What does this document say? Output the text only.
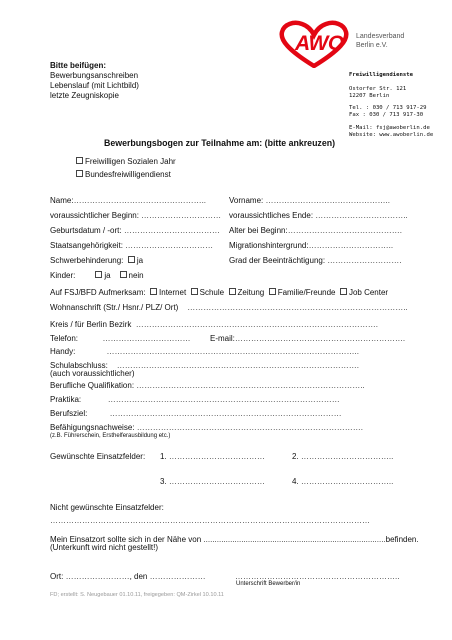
AWO Landesverband
Berlin e.V.
Freiwilligendienste
Ostorfer Str. 121
12207 Berlin
Tel. : 030 / 713 917-29
Fax : 030 / 713 917-30
E-Mail: fsj@awoberlin.de
Website: www.awoberlin.de
Bitte beifügen:
Bewerbungsanschreiben
Lebenslauf (mit Lichtbild)
letzte Zeugniskopie
Bewerbungsbogen zur Teilnahme am: (bitte ankreuzen)
Freiwilligen Sozialen Jahr
Bundesfreiwilligendienst
Name:…………………………………………..	Vorname: ………………………………………..
voraussichtlicher Beginn: ………………………… voraussichtliches Ende: ……………………………..
Geburtsdatum / -ort: ……………………………… Alter bei Beginn:…………………………………….
Staatsangehörigkeit: …………………………… Migrationshintergrund:…………………………..
Schwerbehinderung: ja	Grad der Beeinträchtigung: ……………………….
Kinder:	ja nein
Auf FSJ/BFD Aufmerksam: Internet Schule Zeitung Familie/Freunde Job Center
Wohnanschrift (Str./ Hsnr./ PLZ/ Ort)    ………………………………………………………………………..
Kreis / für Berlin Bezirk  ……………………………………………………………………………….
Telefon:           …………………………… E-mail:……………………………………………………….
Handy:              …………………………………………………………………………………..
Schulabschluss:    ……………………………………………………………………………….
(auch voraussichtlicher)
Berufliche Qualifikation: …………………………………………………………………………..
Praktika:            ……………………………………………………………………………
Berufsziel:          ……………………………………………………………………………
Befähigungsnachweise: ………………………………………………………………………….
(z.B. Führerschein, Ersthelferausbildung etc.)
Gewünschte Einsatzfelder: 1. ………………………………	2. ……………………………..
3. ………………………………	4. ……………………………..
Nicht gewünschte Einsatzfelder:
…………………………………………………………………………………………………………
Mein Einsatzort sollte sich in der Nähe von ..................................................................................befinden.
(Unterkunft wird nicht gestellt!)
Ort: ……………………, den …………………	……………………………………………………..
Unterschrift Bewerber/in
FD; erstellt: S. Neugebauer 01.10.11, freigegeben: QM-Zirkel 10.10.11
